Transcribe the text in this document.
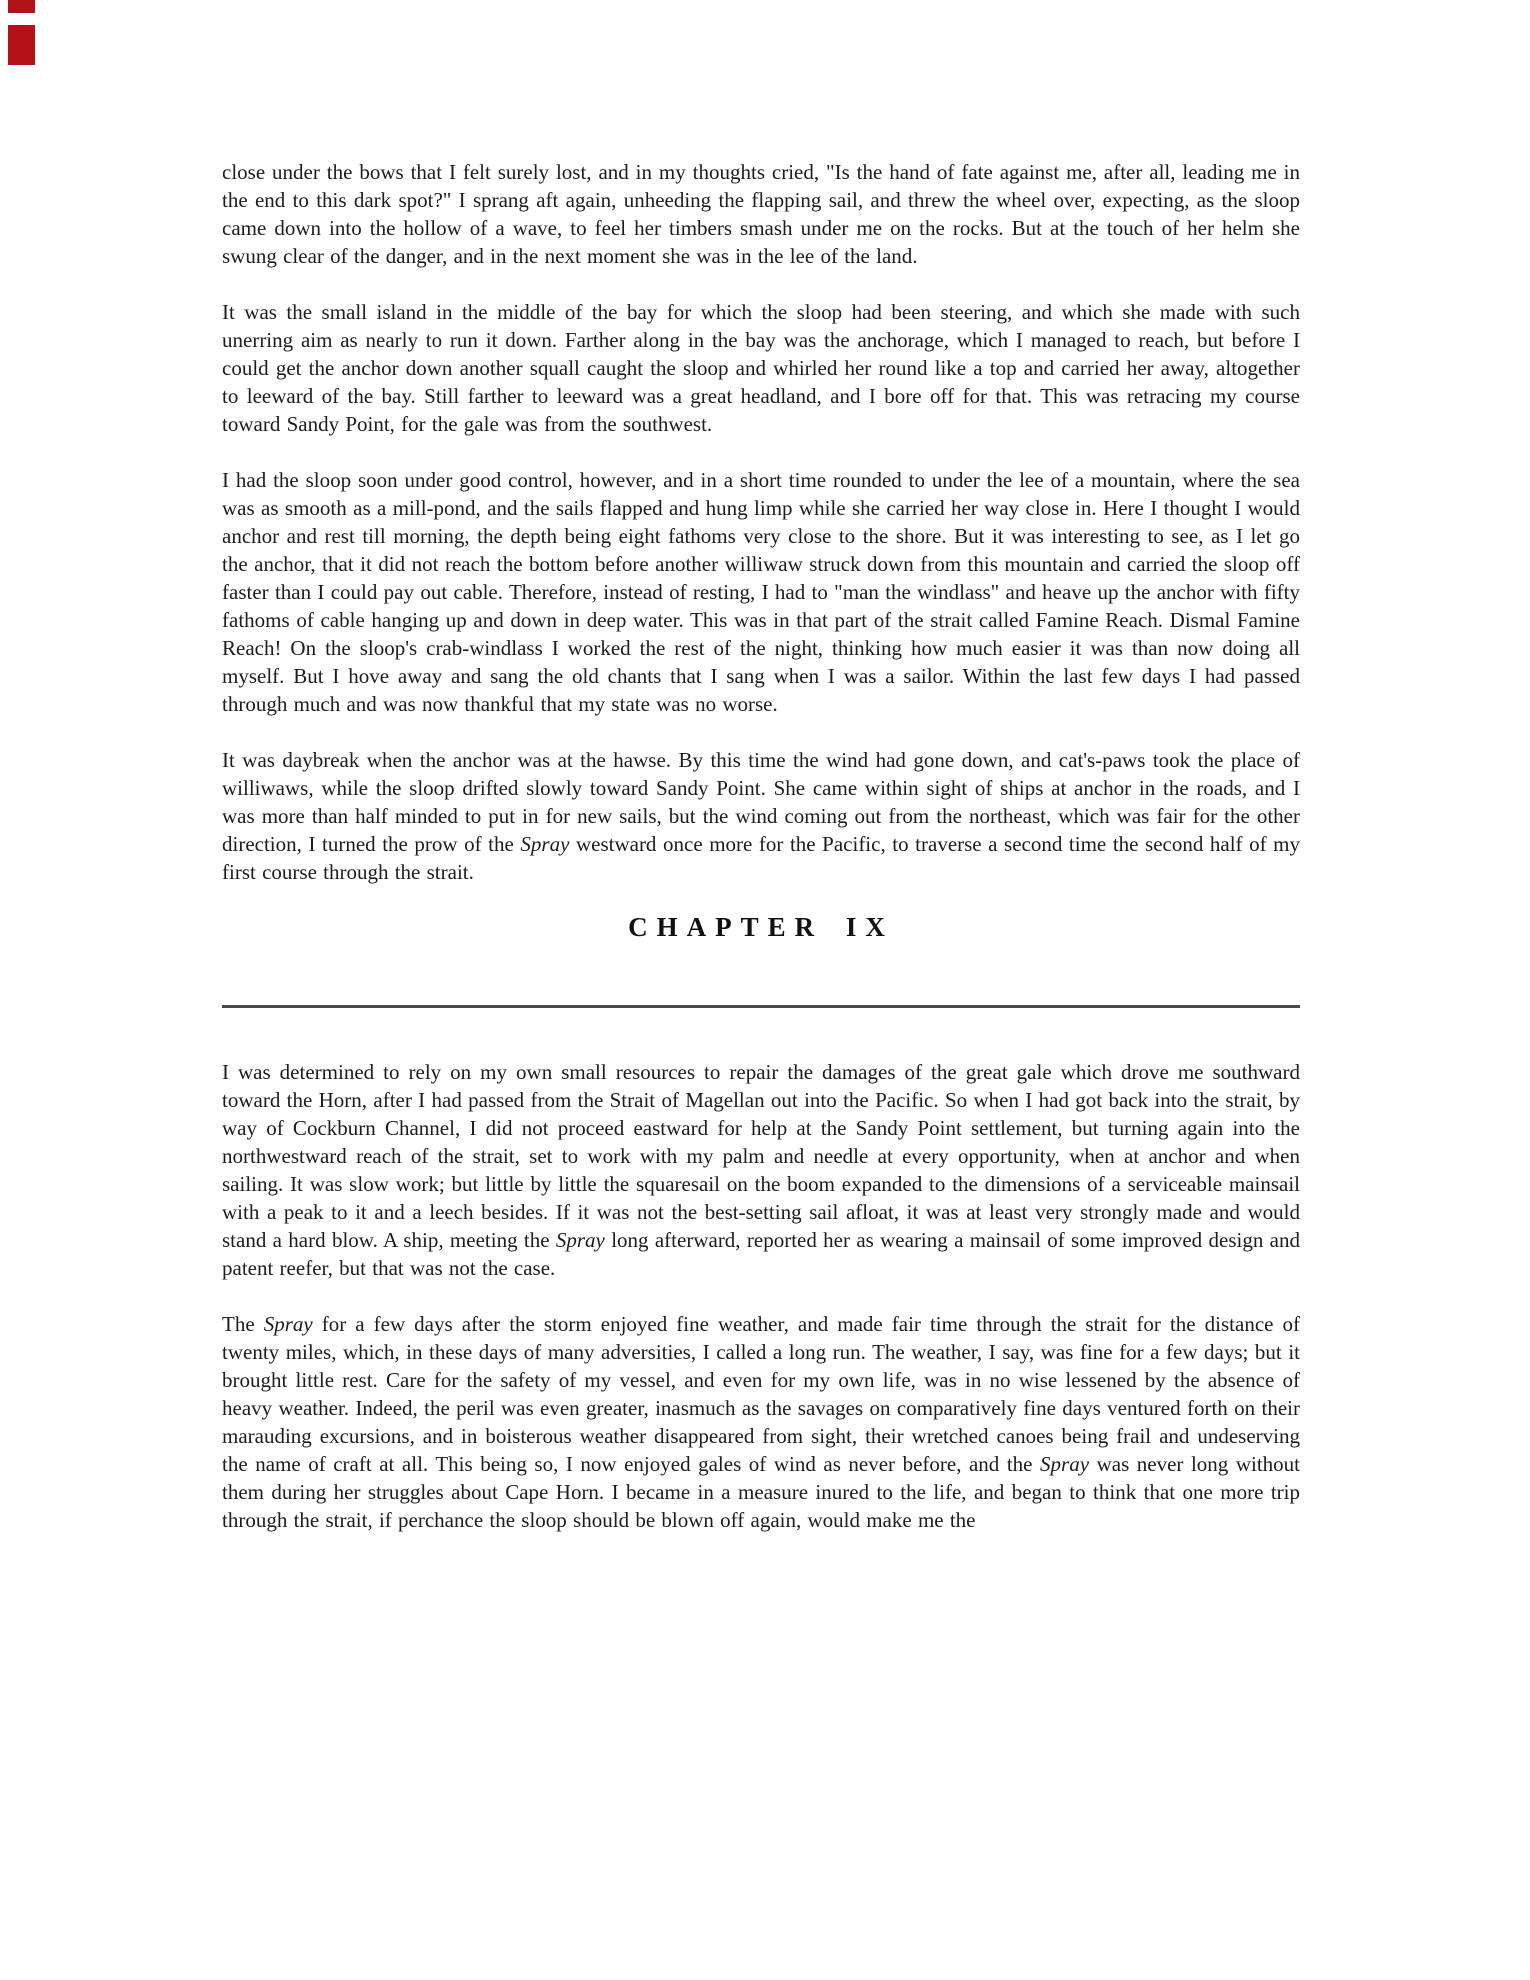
close under the bows that I felt surely lost, and in my thoughts cried, "Is the hand of fate against me, after all, leading me in the end to this dark spot?" I sprang aft again, unheeding the flapping sail, and threw the wheel over, expecting, as the sloop came down into the hollow of a wave, to feel her timbers smash under me on the rocks. But at the touch of her helm she swung clear of the danger, and in the next moment she was in the lee of the land.

It was the small island in the middle of the bay for which the sloop had been steering, and which she made with such unerring aim as nearly to run it down. Farther along in the bay was the anchorage, which I managed to reach, but before I could get the anchor down another squall caught the sloop and whirled her round like a top and carried her away, altogether to leeward of the bay. Still farther to leeward was a great headland, and I bore off for that. This was retracing my course toward Sandy Point, for the gale was from the southwest.

I had the sloop soon under good control, however, and in a short time rounded to under the lee of a mountain, where the sea was as smooth as a mill-pond, and the sails flapped and hung limp while she carried her way close in. Here I thought I would anchor and rest till morning, the depth being eight fathoms very close to the shore. But it was interesting to see, as I let go the anchor, that it did not reach the bottom before another williwaw struck down from this mountain and carried the sloop off faster than I could pay out cable. Therefore, instead of resting, I had to "man the windlass" and heave up the anchor with fifty fathoms of cable hanging up and down in deep water. This was in that part of the strait called Famine Reach. Dismal Famine Reach! On the sloop's crab-windlass I worked the rest of the night, thinking how much easier it was than now doing all myself. But I hove away and sang the old chants that I sang when I was a sailor. Within the last few days I had passed through much and was now thankful that my state was no worse.

It was daybreak when the anchor was at the hawse. By this time the wind had gone down, and cat's-paws took the place of williwaws, while the sloop drifted slowly toward Sandy Point. She came within sight of ships at anchor in the roads, and I was more than half minded to put in for new sails, but the wind coming out from the northeast, which was fair for the other direction, I turned the prow of the Spray westward once more for the Pacific, to traverse a second time the second half of my first course through the strait.

CHAPTER IX

I was determined to rely on my own small resources to repair the damages of the great gale which drove me southward toward the Horn, after I had passed from the Strait of Magellan out into the Pacific. So when I had got back into the strait, by way of Cockburn Channel, I did not proceed eastward for help at the Sandy Point settlement, but turning again into the northwestward reach of the strait, set to work with my palm and needle at every opportunity, when at anchor and when sailing. It was slow work; but little by little the squaresail on the boom expanded to the dimensions of a serviceable mainsail with a peak to it and a leech besides. If it was not the best-setting sail afloat, it was at least very strongly made and would stand a hard blow. A ship, meeting the Spray long afterward, reported her as wearing a mainsail of some improved design and patent reefer, but that was not the case.

The Spray for a few days after the storm enjoyed fine weather, and made fair time through the strait for the distance of twenty miles, which, in these days of many adversities, I called a long run. The weather, I say, was fine for a few days; but it brought little rest. Care for the safety of my vessel, and even for my own life, was in no wise lessened by the absence of heavy weather. Indeed, the peril was even greater, inasmuch as the savages on comparatively fine days ventured forth on their marauding excursions, and in boisterous weather disappeared from sight, their wretched canoes being frail and undeserving the name of craft at all. This being so, I now enjoyed gales of wind as never before, and the Spray was never long without them during her struggles about Cape Horn. I became in a measure inured to the life, and began to think that one more trip through the strait, if perchance the sloop should be blown off again, would make me the
